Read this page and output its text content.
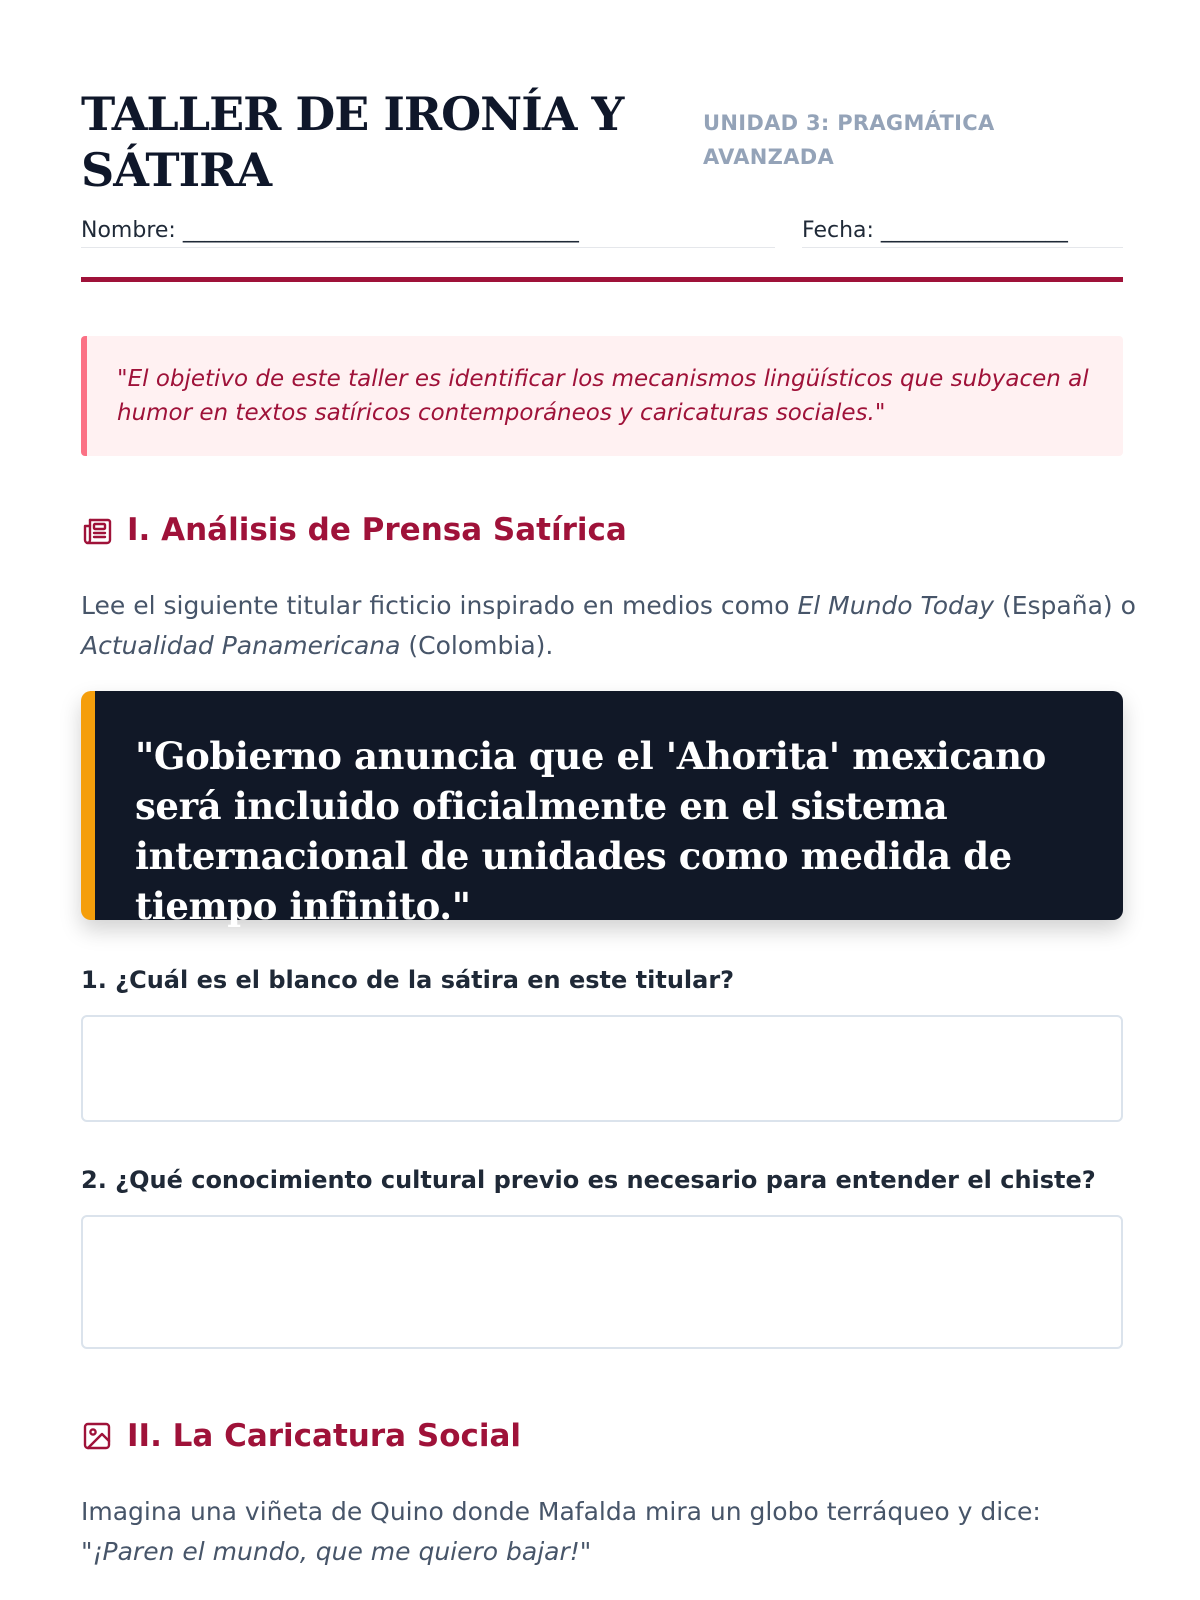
TALLER DE IRONÍA Y SÁTIRA
UNIDAD 3: PRAGMÁTICA AVANZADA
Nombre: ____________________________________	Fecha: _________________
"El objetivo de este taller es identificar los mecanismos lingüísticos que subyacen al humor en textos satíricos contemporáneos y caricaturas sociales."
I. Análisis de Prensa Satírica
Lee el siguiente titular ficticio inspirado en medios como El Mundo Today (España) o Actualidad Panamericana (Colombia).
"Gobierno anuncia que el 'Ahorita' mexicano será incluido oficialmente en el sistema internacional de unidades como medida de tiempo infinito."
1. ¿Cuál es el blanco de la sátira en este titular?
2. ¿Qué conocimiento cultural previo es necesario para entender el chiste?
II. La Caricatura Social
Imagina una viñeta de Quino donde Mafalda mira un globo terráqueo y dice: "¡Paren el mundo, que me quiero bajar!"
